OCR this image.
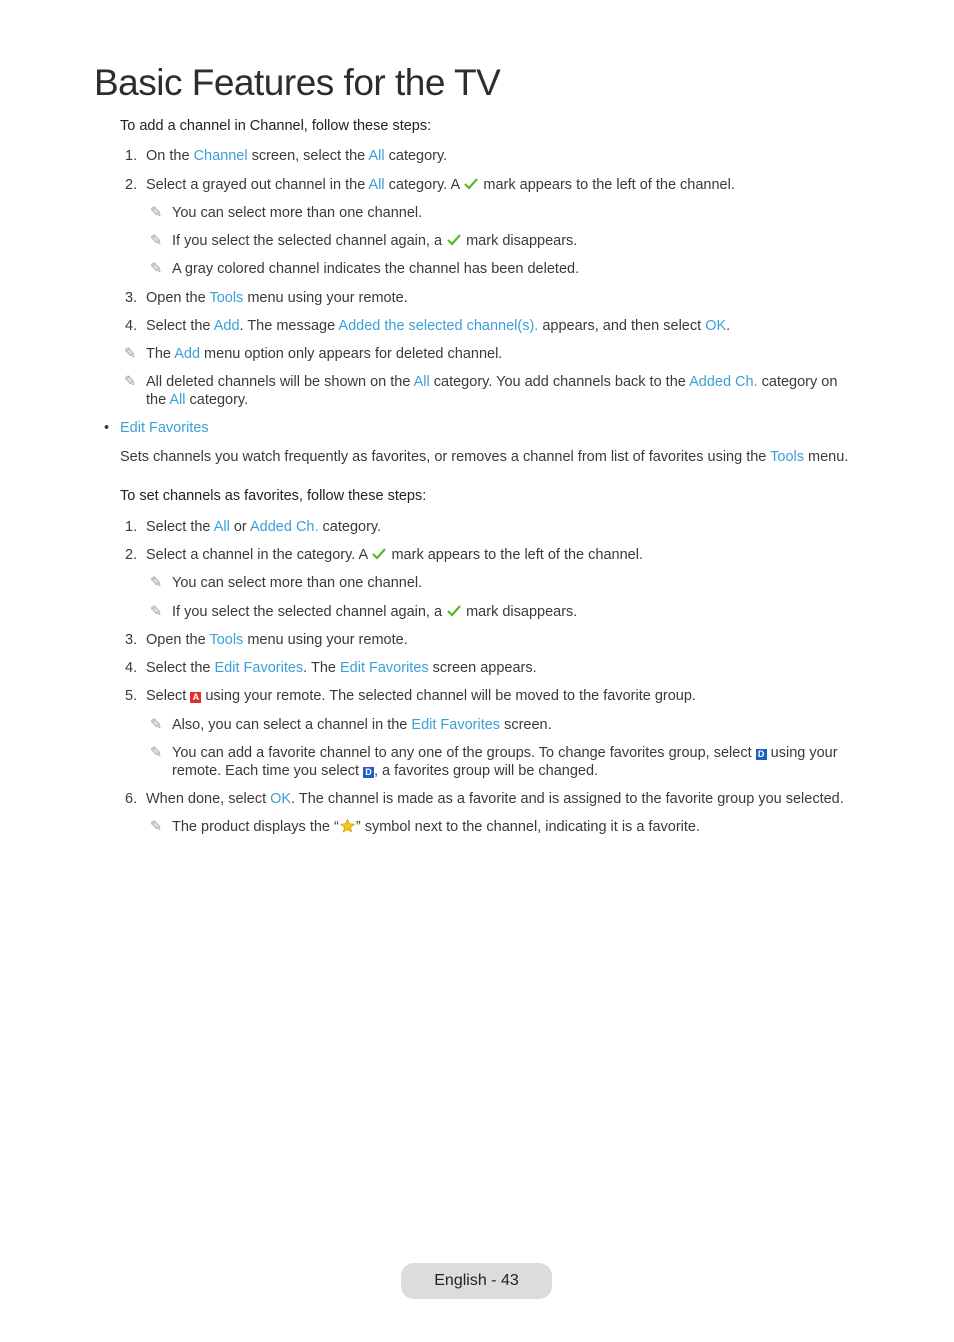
Basic Features for the TV
To add a channel in Channel, follow these steps:
1. On the Channel screen, select the All category.
2. Select a grayed out channel in the All category. A  mark appears to the left of the channel.
✎ You can select more than one channel.
✎ If you select the selected channel again, a  mark disappears.
✎ A gray colored channel indicates the channel has been deleted.
3. Open the Tools menu using your remote.
4. Select the Add. The message Added the selected channel(s). appears, and then select OK.
✎ The Add menu option only appears for deleted channel.
✎ All deleted channels will be shown on the All category. You add channels back to the Added Ch. category on
the All category.
• Edit Favorites
Sets channels you watch frequently as favorites, or removes a channel from list of favorites using the Tools menu.
To set channels as favorites, follow these steps:
1. Select the All or Added Ch. category.
2. Select a channel in the category. A  mark appears to the left of the channel.
✎ You can select more than one channel.
✎ If you select the selected channel again, a  mark disappears.
3. Open the Tools menu using your remote.
4. Select the Edit Favorites. The Edit Favorites screen appears.
5. Select A using your remote. The selected channel will be moved to the favorite group.
✎ Also, you can select a channel in the Edit Favorites screen.
✎ You can add a favorite channel to any one of the groups. To change favorites group, select D using your
remote. Each time you select D , a favorites group will be changed.
6. When done, select OK. The channel is made as a favorite and is assigned to the favorite group you selected.
✎ The product displays the “ ” symbol next to the channel, indicating it is a favorite.
English - 43
